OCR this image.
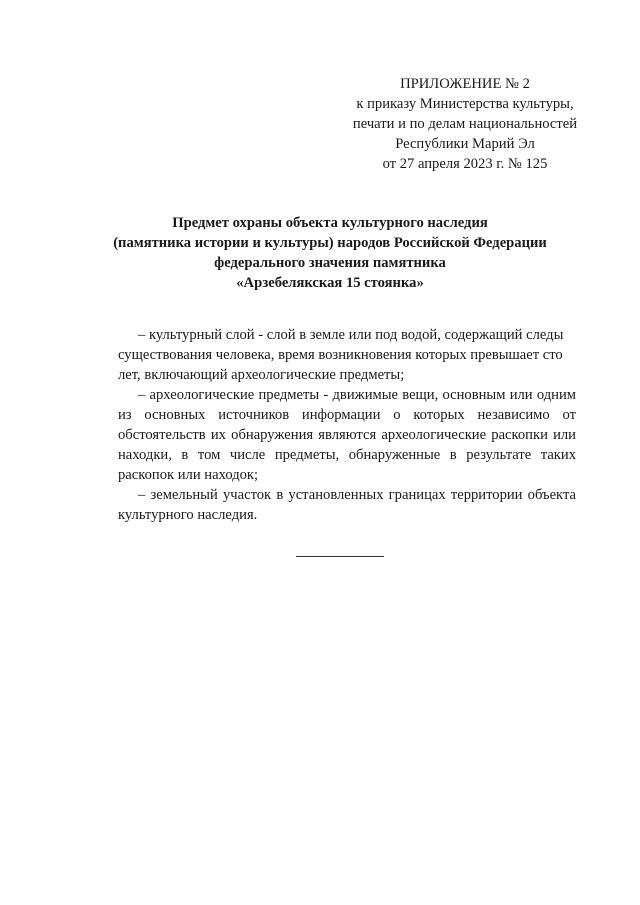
ПРИЛОЖЕНИЕ № 2
к приказу Министерства культуры,
печати и по делам национальностей
Республики Марий Эл
от 27 апреля 2023 г. № 125
Предмет охраны объекта культурного наследия
(памятника истории и культуры) народов Российской Федерации
федерального значения памятника
«Арзебелякская 15 стоянка»
– культурный слой - слой в земле или под водой, содержащий следы
существования человека, время возникновения которых превышает сто
лет, включающий археологические предметы;

– археологические предметы - движимые вещи, основным или одним из основных источников информации о которых независимо от обстоятельств их обнаружения являются археологические раскопки или находки, в том числе предметы, обнаруженные в результате таких раскопок или находок;

– земельный участок в установленных границах территории объекта культурного наследия.
